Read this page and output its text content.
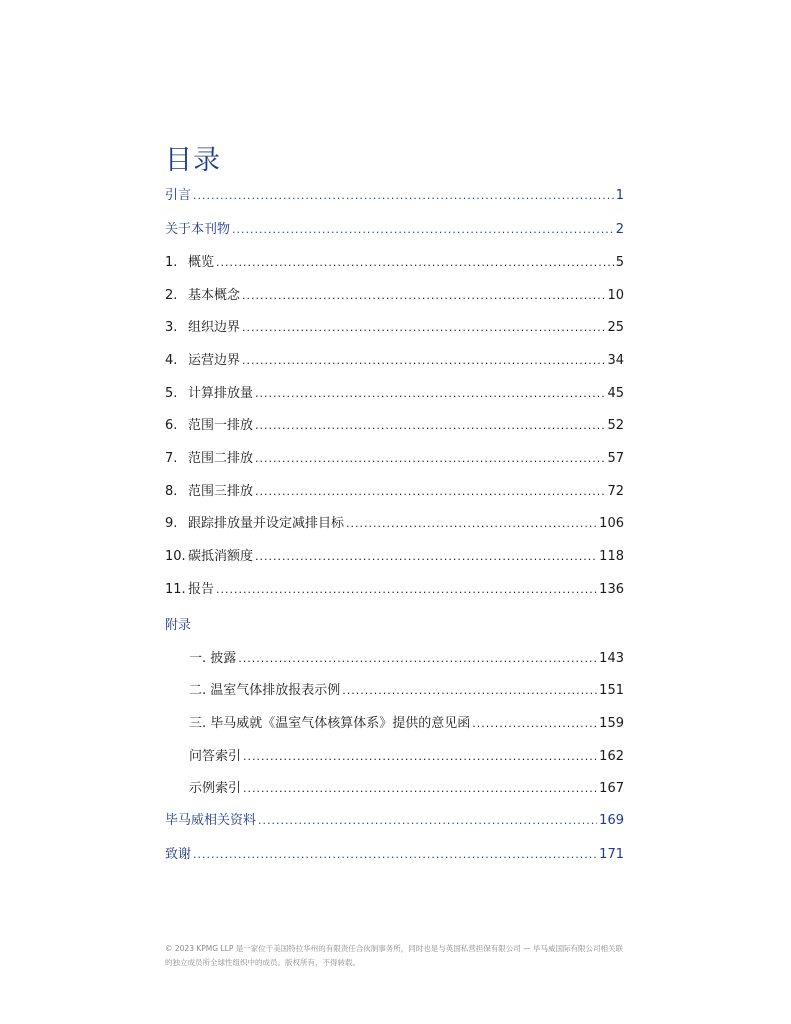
目录
引言 .....	1
关于本刊物 .....	2
1. 概览 .....	5
2. 基本概念 .....	10
3. 组织边界 .....	25
4. 运营边界 .....	34
5. 计算排放量 .....	45
6. 范围一排放 .....	52
7. 范围二排放 .....	57
8. 范围三排放 .....	72
9. 跟踪排放量并设定减排目标 .....	106
10. 碳抵消额度 .....	118
11. 报告 .....	136
附录
一. 披露 .....	143
二. 温室气体排放报表示例 .....	151
三. 毕马威就《温室气体核算体系》提供的意见函 .....	159
问答索引 .....	162
示例索引 .....	167
毕马威相关资料 .....	169
致谢 .....	171
© 2023 KPMG LLP 是一家位于美国特拉华州的有限责任合伙制事务所，同时也是与英国私营担保有限公司 — 毕马威国际有限公司相关联的独立成员所全球性组织中的成员。版权所有，不得转载。
